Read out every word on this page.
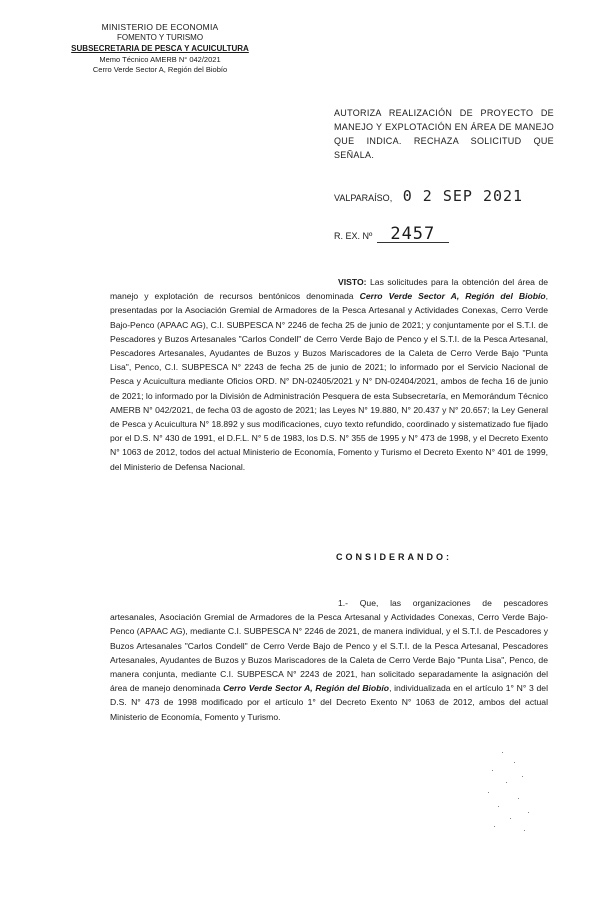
MINISTERIO DE ECONOMIA
FOMENTO Y TURISMO
SUBSECRETARIA DE PESCA Y ACUICULTURA
Memo Técnico AMERB N° 042/2021
Cerro Verde Sector A, Región del Biobío
AUTORIZA REALIZACIÓN DE PROYECTO DE MANEJO Y EXPLOTACIÓN EN ÁREA DE MANEJO QUE INDICA. RECHAZA SOLICITUD QUE SEÑALA.
VALPARAÍSO, 0 2 SEP 2021
R. EX. Nº 2457
VISTO: Las solicitudes para la obtención del área de manejo y explotación de recursos bentónicos denominada Cerro Verde Sector A, Región del Biobío, presentadas por la Asociación Gremial de Armadores de la Pesca Artesanal y Actividades Conexas, Cerro Verde Bajo-Penco (APAAC AG), C.I. SUBPESCA N° 2246 de fecha 25 de junio de 2021; y conjuntamente por el S.T.I. de Pescadores y Buzos Artesanales "Carlos Condell" de Cerro Verde Bajo de Penco y el S.T.I. de la Pesca Artesanal, Pescadores Artesanales, Ayudantes de Buzos y Buzos Mariscadores de la Caleta de Cerro Verde Bajo "Punta Lisa", Penco, C.I. SUBPESCA N° 2243 de fecha 25 de junio de 2021; lo informado por el Servicio Nacional de Pesca y Acuicultura mediante Oficios ORD. N° DN-02405/2021 y N° DN-02404/2021, ambos de fecha 16 de junio de 2021; lo informado por la División de Administración Pesquera de esta Subsecretaría, en Memorándum Técnico AMERB N° 042/2021, de fecha 03 de agosto de 2021; las Leyes N° 19.880, N° 20.437 y N° 20.657; la Ley General de Pesca y Acuicultura N° 18.892 y sus modificaciones, cuyo texto refundido, coordinado y sistematizado fue fijado por el D.S. N° 430 de 1991, el D.F.L. N° 5 de 1983, los D.S. N° 355 de 1995 y N° 473 de 1998, y el Decreto Exento N° 1063 de 2012, todos del actual Ministerio de Economía, Fomento y Turismo el Decreto Exento N° 401 de 1999, del Ministerio de Defensa Nacional.
CONSIDERANDO:
1.- Que, las organizaciones de pescadores artesanales, Asociación Gremial de Armadores de la Pesca Artesanal y Actividades Conexas, Cerro Verde Bajo-Penco (APAAC AG), mediante C.I. SUBPESCA N° 2246 de 2021, de manera individual, y el S.T.I. de Pescadores y Buzos Artesanales "Carlos Condell" de Cerro Verde Bajo de Penco y el S.T.I. de la Pesca Artesanal, Pescadores Artesanales, Ayudantes de Buzos y Buzos Mariscadores de la Caleta de Cerro Verde Bajo "Punta Lisa", Penco, de manera conjunta, mediante C.I. SUBPESCA N° 2243 de 2021, han solicitado separadamente la asignación del área de manejo denominada Cerro Verde Sector A, Región del Biobío, individualizada en el artículo 1° N° 3 del D.S. N° 473 de 1998 modificado por el artículo 1° del Decreto Exento N° 1063 de 2012, ambos del actual Ministerio de Economía, Fomento y Turismo.
